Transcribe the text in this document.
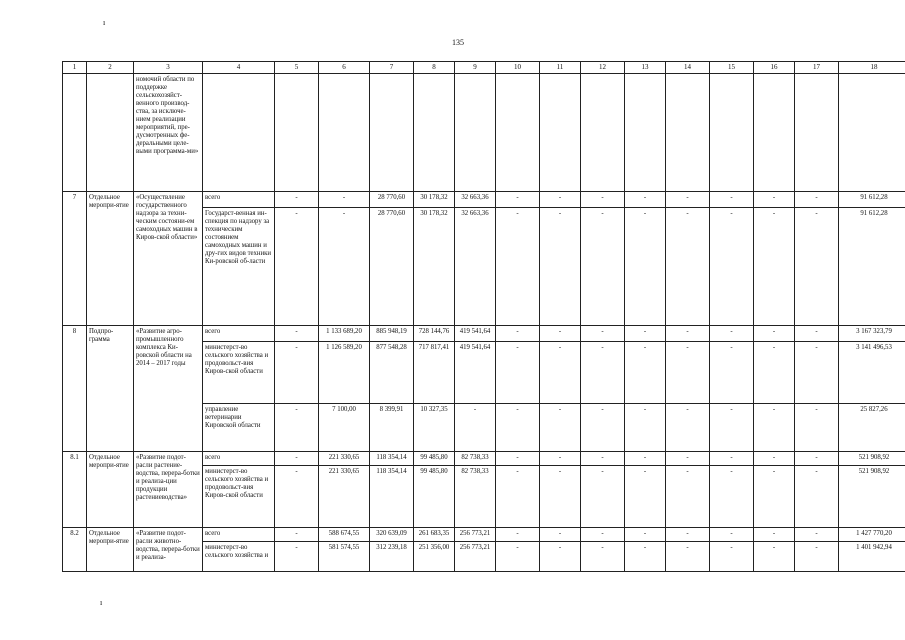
ı
135
1	2	3	4	5	6	7	8	9	10	11	12	13	14	15	16	17	18
		номочий области по поддержке сельскохозяйст-венного производ-ства, за исключе-нием реализации мероприятий, пре-дусмотренных фе-деральными целе-выми программа-ми»															
7	Отдельное меропри-ятие	«Осуществление государственного надзора за техни-ческим состояни-ем самоходных машин в Киров-ской области»	всего	-	-	28 770,60	30 178,32	32 663,36	-	-	-	-	-	-	-	-	91 612,28
			Государст-венная ин-спекция по надзору за техническим состоянием самоходных машин и дру-гих видов техники Ки-ровской об-ласти	-	-	28 770,60	30 178,32	32 663,36	-	-	-	-	-	-	-	-	91 612,28
8	Подпро-грамма	«Развитие агро-промышленного комплекса Ки-ровской области на 2014 – 2017 годы	всего	-	1 133 689,20	885 948,19	728 144,76	419 541,64	-	-	-	-	-	-	-	-	3 167 323,79
			министерст-во сельского хозяйства и продовольст-вия Киров-ской области	-	1 126 589,20	877 548,28	717 817,41	419 541,64	-	-	-	-	-	-	-	-	3 141 496,53
			управление ветеринарии Кировской области	-	7 100,00	8 399,91	10 327,35	-	-	-	-	-	-	-	-	-	25 827,26
8.1	Отдельное меропри-ятие	«Развитие подот-расли растение-водства, перера-ботки и реализа-ции продукции растениеводства»	всего	-	221 330,65	118 354,14	99 485,80	82 738,33	-	-	-	-	-	-	-	-	521 908,92
			министерст-во сельского хозяйства и продовольст-вия Киров-ской области	-	221 330,65	118 354,14	99 485,80	82 738,33	-	-	-	-	-	-	-	-	521 908,92
8.2	Отдельное меропри-ятие	«Развитие подот-расли животно-водства, перера-ботки и реализа-	всего	-	588 674,55	320 639,09	261 683,35	256 773,21	-	-	-	-	-	-	-	-	1 427 770,20
			министерст-во сельского хозяйства и	-	581 574,55	312 239,18	251 356,00	256 773,21	-	-	-	-	-	-	-	-	1 401 942,94
ı
